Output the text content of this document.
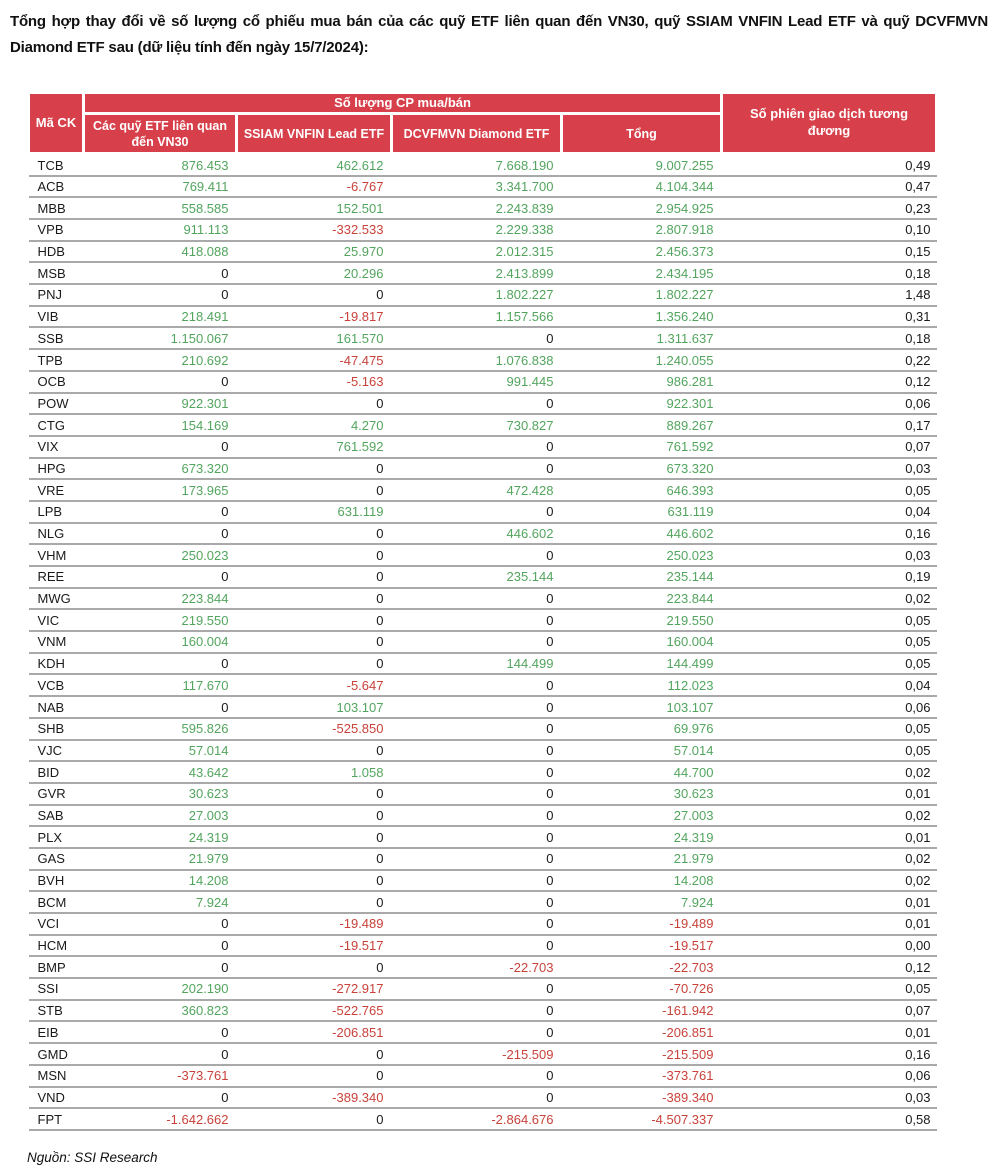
Tổng hợp thay đổi về số lượng cổ phiếu mua bán của các quỹ ETF liên quan đến VN30, quỹ SSIAM VNFIN Lead ETF và quỹ DCVFMVN Diamond ETF sau (dữ liệu tính đến ngày 15/7/2024):
Mã CK	Số lượng CP mua/bán				Số phiên giao dịch tương đương
	Các quỹ ETF liên quan đến VN30	SSIAM VNFIN Lead ETF	DCVFMVN Diamond ETF	Tổng	
TCB	876.453	462.612	7.668.190	9.007.255	0,49
ACB	769.411	-6.767	3.341.700	4.104.344	0,47
MBB	558.585	152.501	2.243.839	2.954.925	0,23
VPB	911.113	-332.533	2.229.338	2.807.918	0,10
HDB	418.088	25.970	2.012.315	2.456.373	0,15
MSB	0	20.296	2.413.899	2.434.195	0,18
PNJ	0	0	1.802.227	1.802.227	1,48
VIB	218.491	-19.817	1.157.566	1.356.240	0,31
SSB	1.150.067	161.570	0	1.311.637	0,18
TPB	210.692	-47.475	1.076.838	1.240.055	0,22
OCB	0	-5.163	991.445	986.281	0,12
POW	922.301	0	0	922.301	0,06
CTG	154.169	4.270	730.827	889.267	0,17
VIX	0	761.592	0	761.592	0,07
HPG	673.320	0	0	673.320	0,03
VRE	173.965	0	472.428	646.393	0,05
LPB	0	631.119	0	631.119	0,04
NLG	0	0	446.602	446.602	0,16
VHM	250.023	0	0	250.023	0,03
REE	0	0	235.144	235.144	0,19
MWG	223.844	0	0	223.844	0,02
VIC	219.550	0	0	219.550	0,05
VNM	160.004	0	0	160.004	0,05
KDH	0	0	144.499	144.499	0,05
VCB	117.670	-5.647	0	112.023	0,04
NAB	0	103.107	0	103.107	0,06
SHB	595.826	-525.850	0	69.976	0,05
VJC	57.014	0	0	57.014	0,05
BID	43.642	1.058	0	44.700	0,02
GVR	30.623	0	0	30.623	0,01
SAB	27.003	0	0	27.003	0,02
PLX	24.319	0	0	24.319	0,01
GAS	21.979	0	0	21.979	0,02
BVH	14.208	0	0	14.208	0,02
BCM	7.924	0	0	7.924	0,01
VCI	0	-19.489	0	-19.489	0,01
HCM	0	-19.517	0	-19.517	0,00
BMP	0	0	-22.703	-22.703	0,12
SSI	202.190	-272.917	0	-70.726	0,05
STB	360.823	-522.765	0	-161.942	0,07
EIB	0	-206.851	0	-206.851	0,01
GMD	0	0	-215.509	-215.509	0,16
MSN	-373.761	0	0	-373.761	0,06
VND	0	-389.340	0	-389.340	0,03
FPT	-1.642.662	0	-2.864.676	-4.507.337	0,58
Nguồn: SSI Research
